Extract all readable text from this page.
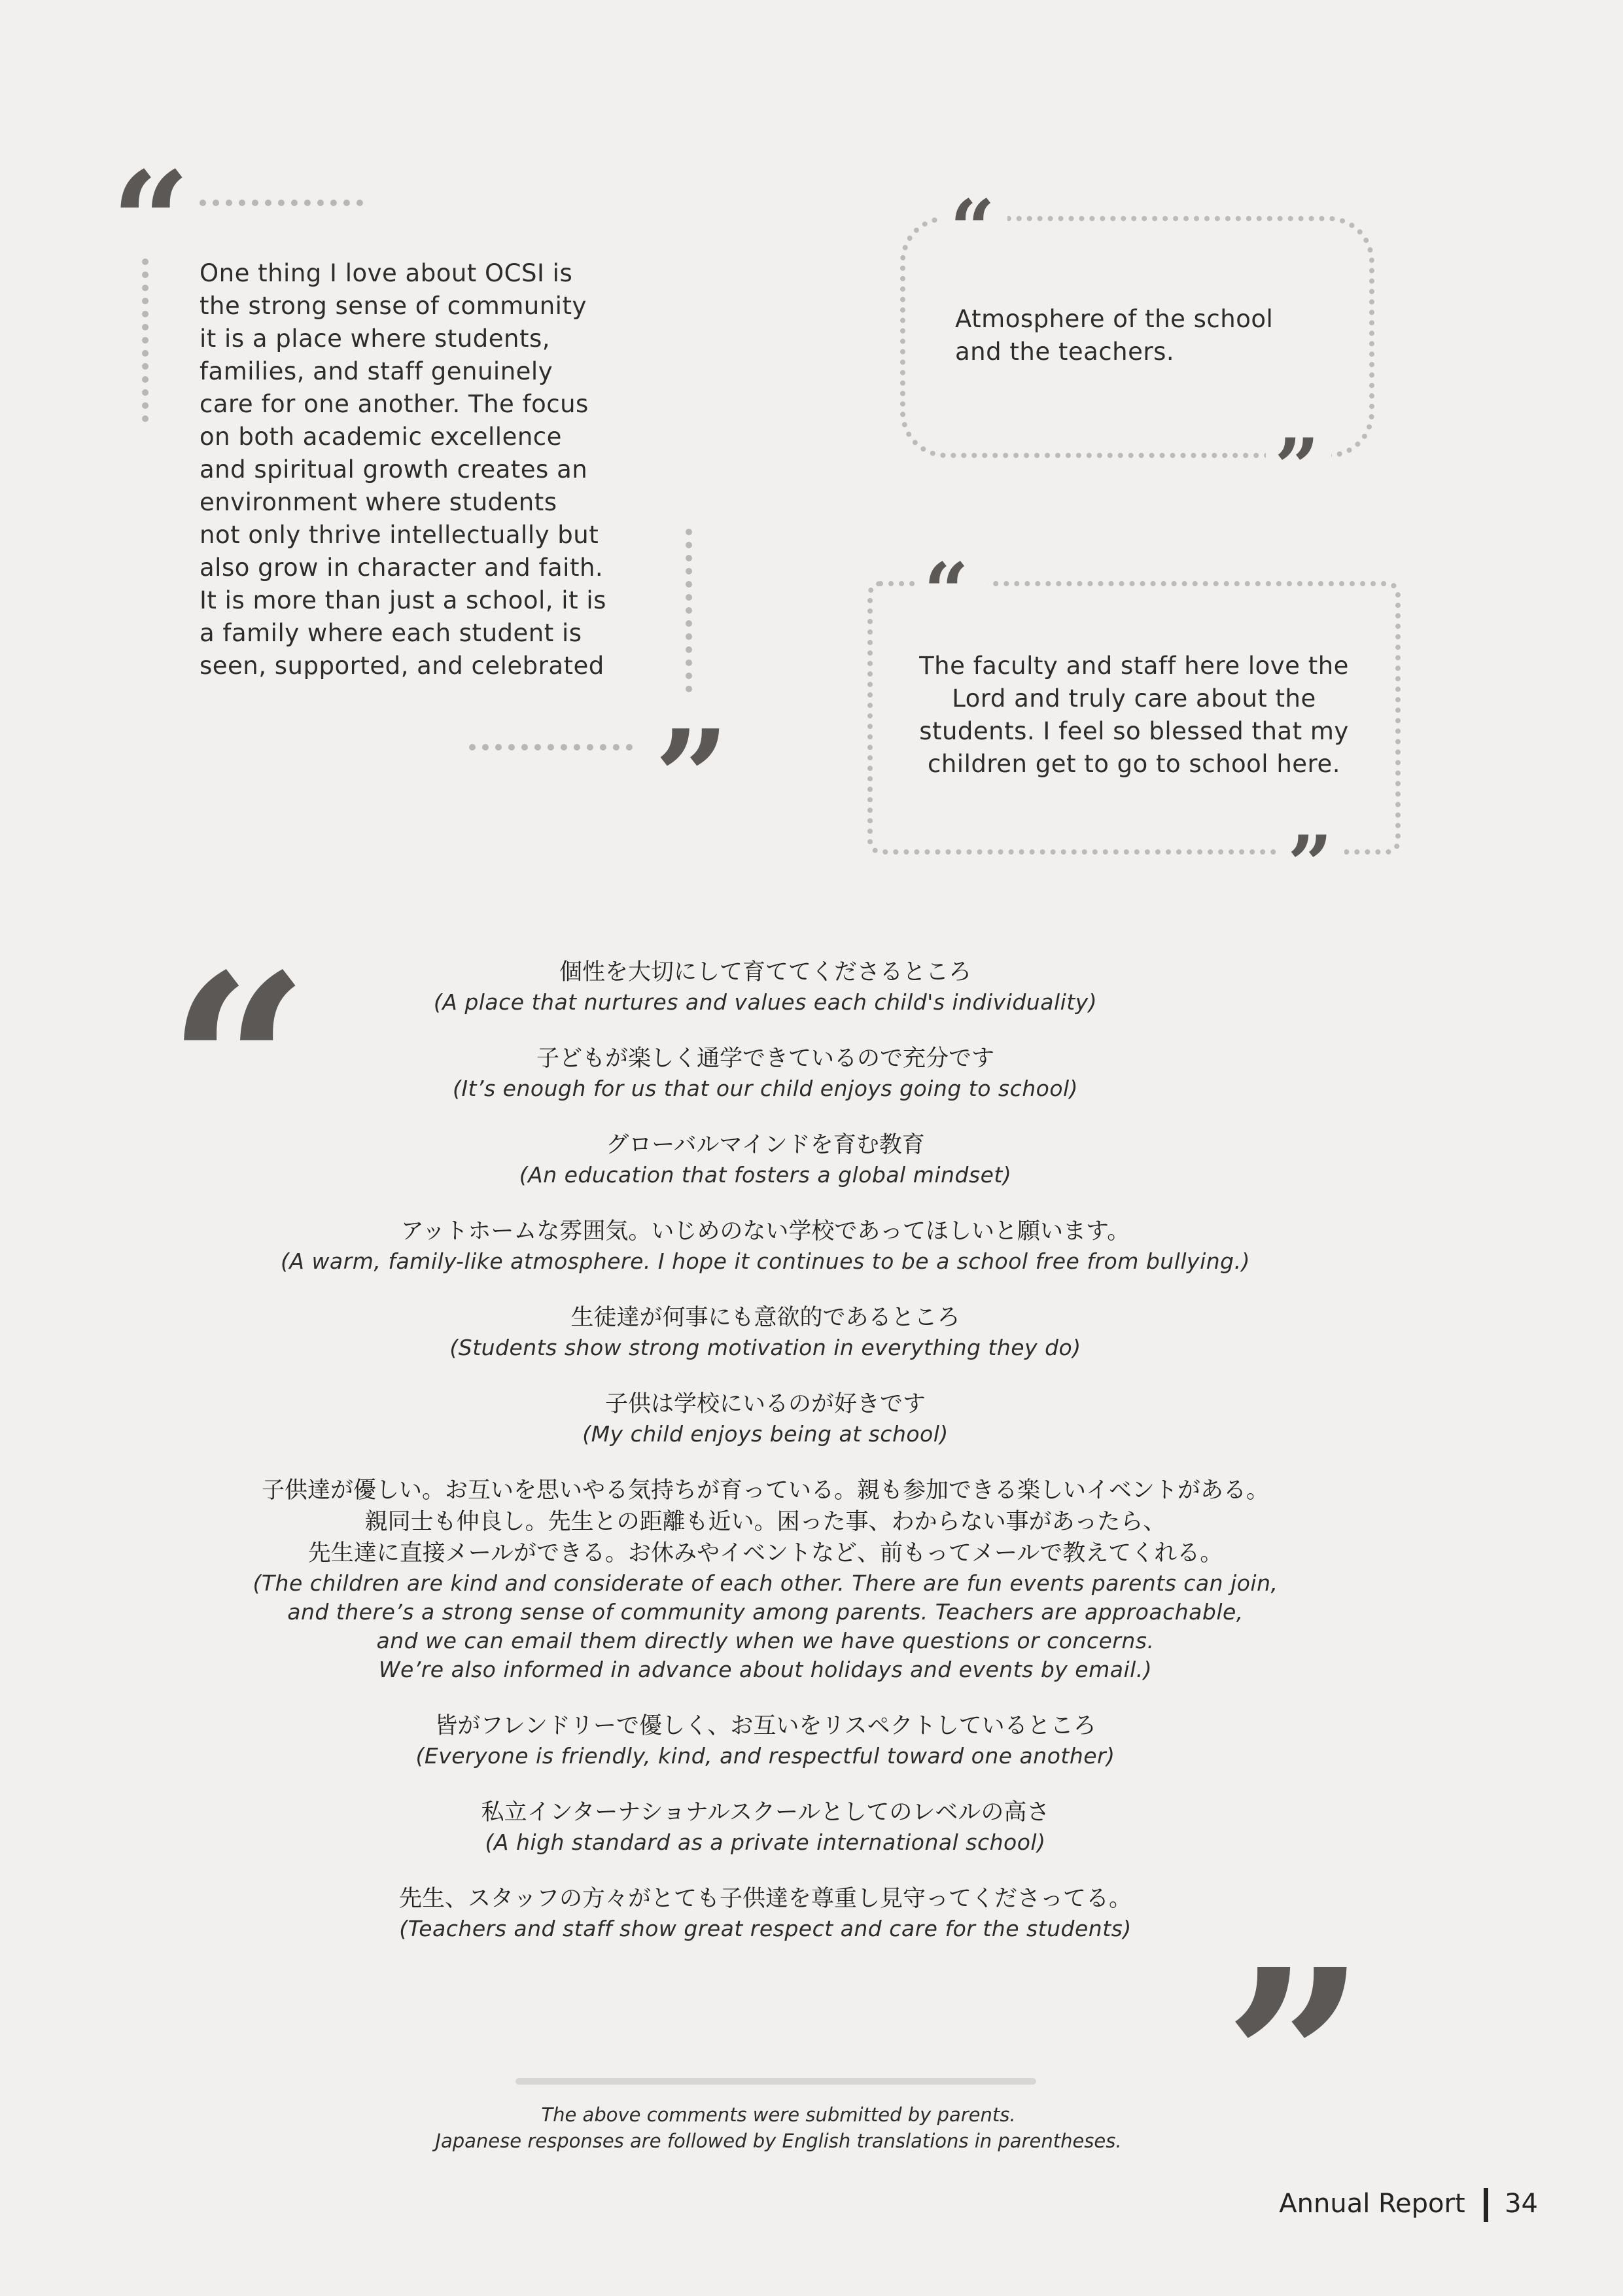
“ One thing I love about OCSI is
the strong sense of community
it is a place where students,
families, and staff genuinely
care for one another. The focus
on both academic excellence
and spiritual growth creates an
environment where students
not only thrive intellectually but
also grow in character and faith.
It is more than just a school, it is
a family where each student is
seen, supported, and celebrated
”
“
”
Atmosphere of the school
and the teachers.
“
”
The faculty and staff here love the
Lord and truly care about the
students. I feel so blessed that my
children get to go to school here.
“
”
個性を大切にして育ててくださるところ
(A place that nurtures and values each child's individuality)
子どもが楽しく通学できているので充分です
(It’s enough for us that our child enjoys going to school)
グローバルマインドを育む教育
(An education that fosters a global mindset)
アットホームな雰囲気。いじめのない学校であってほしいと願います。
(A warm, family-like atmosphere. I hope it continues to be a school free from bullying.)
生徒達が何事にも意欲的であるところ
(Students show strong motivation in everything they do)
子供は学校にいるのが好きです
(My child enjoys being at school)
子供達が優しい。お互いを思いやる気持ちが育っている。親も参加できる楽しいイベントがある。
親同士も仲良し。先生との距離も近い。困った事、わからない事があったら、
先生達に直接メールができる。お休みやイベントなど、前もってメールで教えてくれる。
(The children are kind and considerate of each other. There are fun events parents can join,
and there’s a strong sense of community among parents. Teachers are approachable,
and we can email them directly when we have questions or concerns.
We’re also informed in advance about holidays and events by email.)
皆がフレンドリーで優しく、お互いをリスペクトしているところ
(Everyone is friendly, kind, and respectful toward one another)
私立インターナショナルスクールとしてのレベルの高さ
(A high standard as a private international school)
先生、スタッフの方々がとても子供達を尊重し見守ってくださってる。
(Teachers and staff show great respect and care for the students)
The above comments were submitted by parents.
Japanese responses are followed by English translations in parentheses.
Annual Report 34
